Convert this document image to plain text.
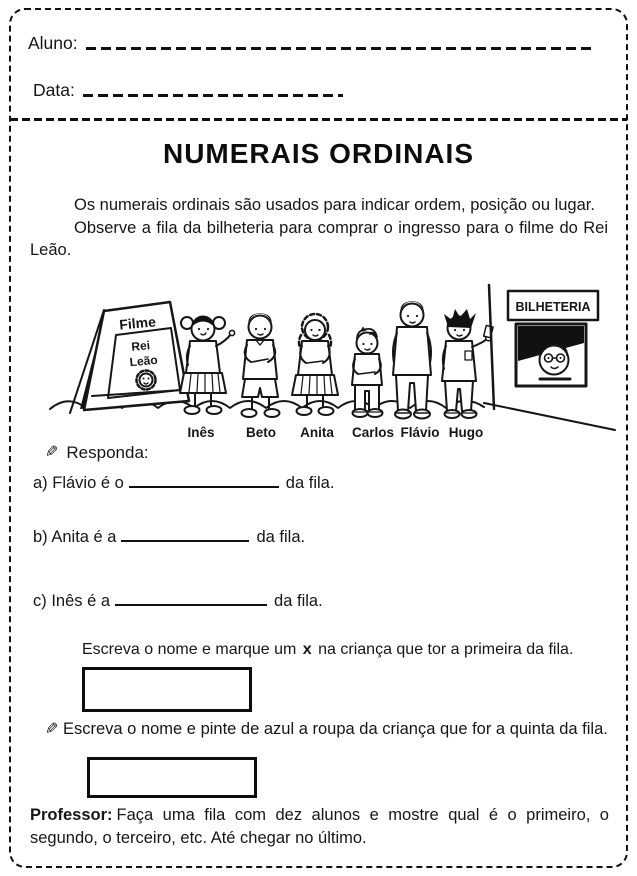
Aluno:
Data:
NUMERAIS ORDINAIS

Os numerais ordinais são usados para indicar ordem, posição ou lugar.

Observe a fila da bilheteria para comprar o ingresso para o filme do Rei Leão.

Filme
Rei
Leão
BILHETERIA
Inês Beto Anita Carlos Flávio Hugo
✎ Responda:
a) Flávio é o	da fila.
b) Anita é a	da fila.
c) Inês é a	da fila.
Escreva o nome e marque um x na criança que tor a primeira da fila.
✎ Escreva o nome e pinte de azul a roupa da criança que for a quinta da fila.
Professor: Faça uma fila com dez alunos e mostre qual é o primeiro, o segundo, o terceiro, etc. Até chegar no último.
